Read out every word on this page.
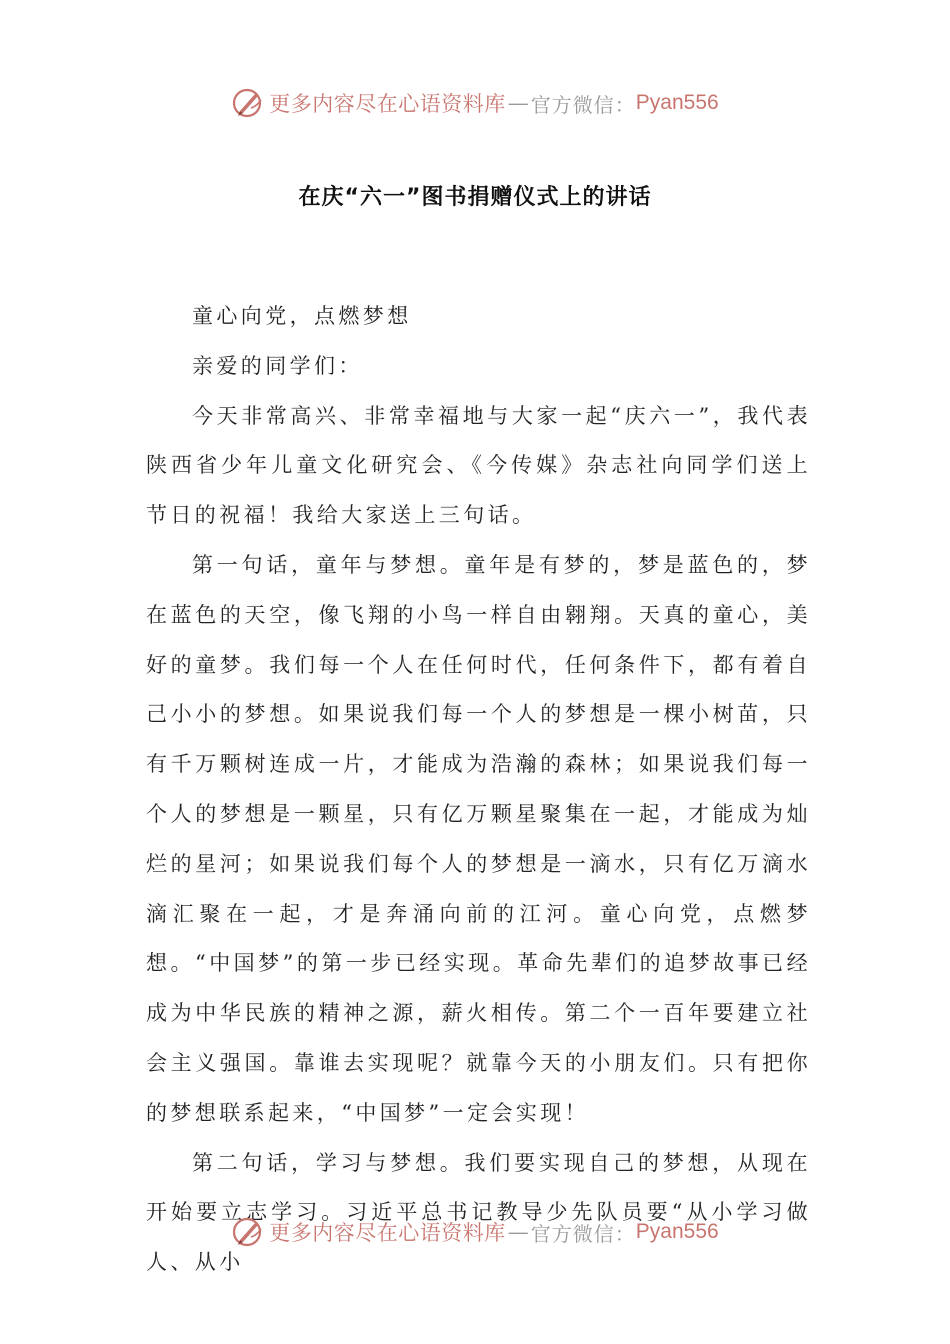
更多内容尽在心语资料库 — 官方微信： Pyan556
在庆“六一”图书捐赠仪式上的讲话

童心向党，点燃梦想

亲爱的同学们：

今天非常高兴、非常幸福地与大家一起“庆六一”，我代表陕西省少年儿童文化研究会、《今传媒》杂志社向同学们送上节日的祝福！我给大家送上三句话。

第一句话，童年与梦想。童年是有梦的，梦是蓝色的，梦在蓝色的天空，像飞翔的小鸟一样自由翱翔。天真的童心，美好的童梦。我们每一个人在任何时代，任何条件下，都有着自己小小的梦想。如果说我们每一个人的梦想是一棵小树苗，只有千万颗树连成一片，才能成为浩瀚的森林；如果说我们每一个人的梦想是一颗星，只有亿万颗星聚集在一起，才能成为灿烂的星河；如果说我们每个人的梦想是一滴水，只有亿万滴水滴汇聚在一起，才是奔涌向前的江河。童心向党，点燃梦想。“中国梦”的第一步已经实现。革命先辈们的追梦故事已经成为中华民族的精神之源，薪火相传。第二个一百年要建立社会主义强国。靠谁去实现呢？就靠今天的小朋友们。只有把你的梦想联系起来，“中国梦”一定会实现！

第二句话，学习与梦想。我们要实现自己的梦想，从现在开始要立志学习。习近平总书记教导少先队员要“从小学习做人、从小

更多内容尽在心语资料库 — 官方微信： Pyan556
